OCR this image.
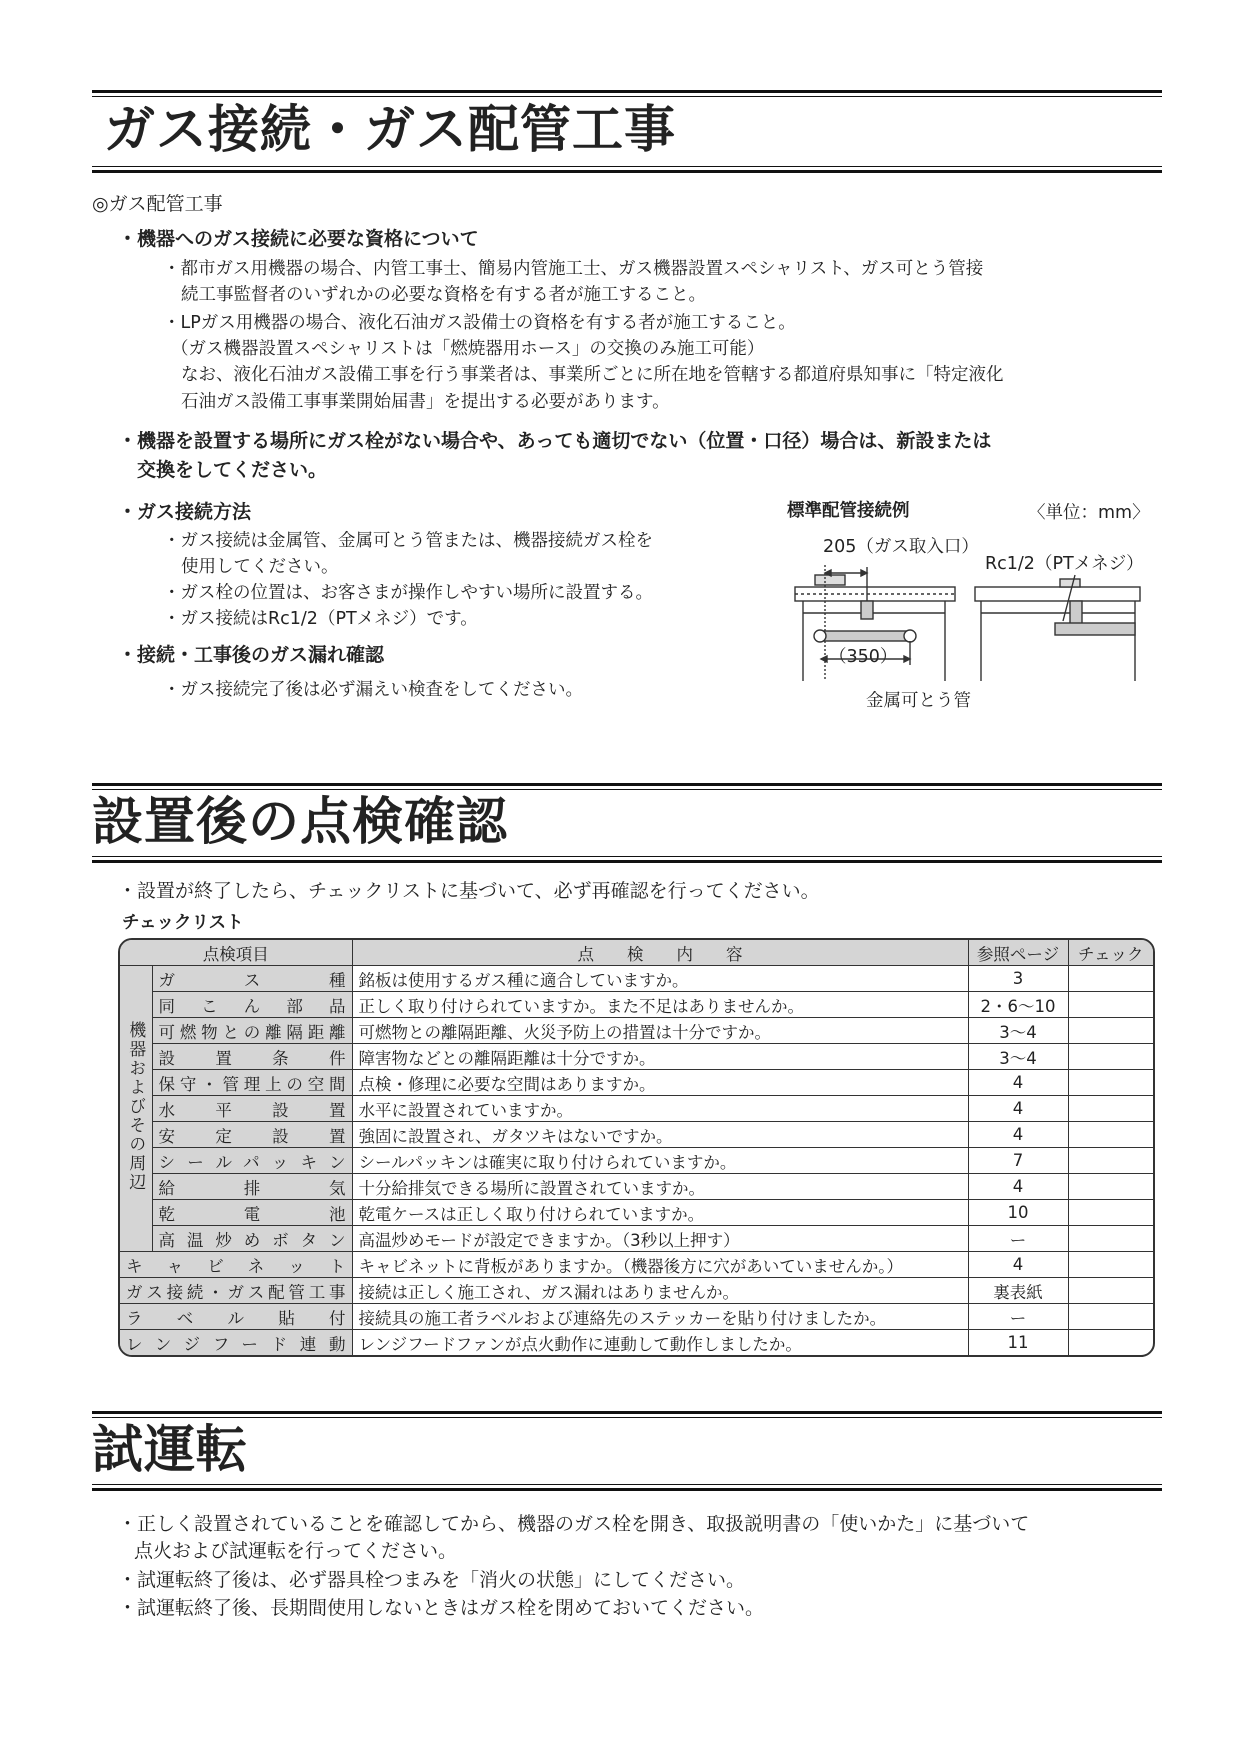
ガス接続・ガス配管工事
◎ガス配管工事
・機器へのガス接続に必要な資格について
・都市ガス用機器の場合、内管工事士、簡易内管施工士、ガス機器設置スペシャリスト、ガス可とう管接
続工事監督者のいずれかの必要な資格を有する者が施工すること。
・LPガス用機器の場合、液化石油ガス設備士の資格を有する者が施工すること。
（ガス機器設置スペシャリストは「燃焼器用ホース」の交換のみ施工可能）
なお、液化石油ガス設備工事を行う事業者は、事業所ごとに所在地を管轄する都道府県知事に「特定液化
石油ガス設備工事事業開始届書」を提出する必要があります。
・機器を設置する場所にガス栓がない場合や、あっても適切でない（位置・口径）場合は、新設または
交換をしてください。
・ガス接続方法
・ガス接続は金属管、金属可とう管または、機器接続ガス栓を
使用してください。
・ガス栓の位置は、お客さまが操作しやすい場所に設置する。
・ガス接続はRc1/2（PTメネジ）です。
・接続・工事後のガス漏れ確認
・ガス接続完了後は必ず漏えい検査をしてください。
標準配管接続例	〈単位：mm〉
205（ガス取入口）
Rc1/2（PTメネジ）
（350）
金属可とう管
設置後の点検確認
・設置が終了したら、チェックリストに基づいて、必ず再確認を行ってください。
チェックリスト
点検項目		点　　検　　内　　容	参照ページ	チェック
機器およびその周辺	ガス種	銘板は使用するガス種に適合していますか。	3	
	同こん部品	正しく取り付けられていますか。また不足はありませんか。	2・6〜10	
	可燃物との離隔距離	可燃物との離隔距離、火災予防上の措置は十分ですか。	3〜4	
	設置条件	障害物などとの離隔距離は十分ですか。	3〜4	
	保守・管理上の空間	点検・修理に必要な空間はありますか。	4	
	水平設置	水平に設置されていますか。	4	
	安定設置	強固に設置され、ガタツキはないですか。	4	
	シールパッキン	シールパッキンは確実に取り付けられていますか。	7	
	給排気	十分給排気できる場所に設置されていますか。	4	
	乾電池	乾電ケースは正しく取り付けられていますか。	10	
	高温炒めボタン	高温炒めモードが設定できますか。（3秒以上押す）	ー	
キャビネット		キャビネットに背板がありますか。（機器後方に穴があいていませんか。）	4	
ガス接続・ガス配管工事		接続は正しく施工され、ガス漏れはありませんか。	裏表紙	
ラベル貼付		接続具の施工者ラベルおよび連絡先のステッカーを貼り付けましたか。	ー	
レンジフード連動		レンジフードファンが点火動作に連動して動作しましたか。	11	
試運転
・正しく設置されていることを確認してから、機器のガス栓を開き、取扱説明書の「使いかた」に基づいて
点火および試運転を行ってください。
・試運転終了後は、必ず器具栓つまみを「消火の状態」にしてください。
・試運転終了後、長期間使用しないときはガス栓を閉めておいてください。
